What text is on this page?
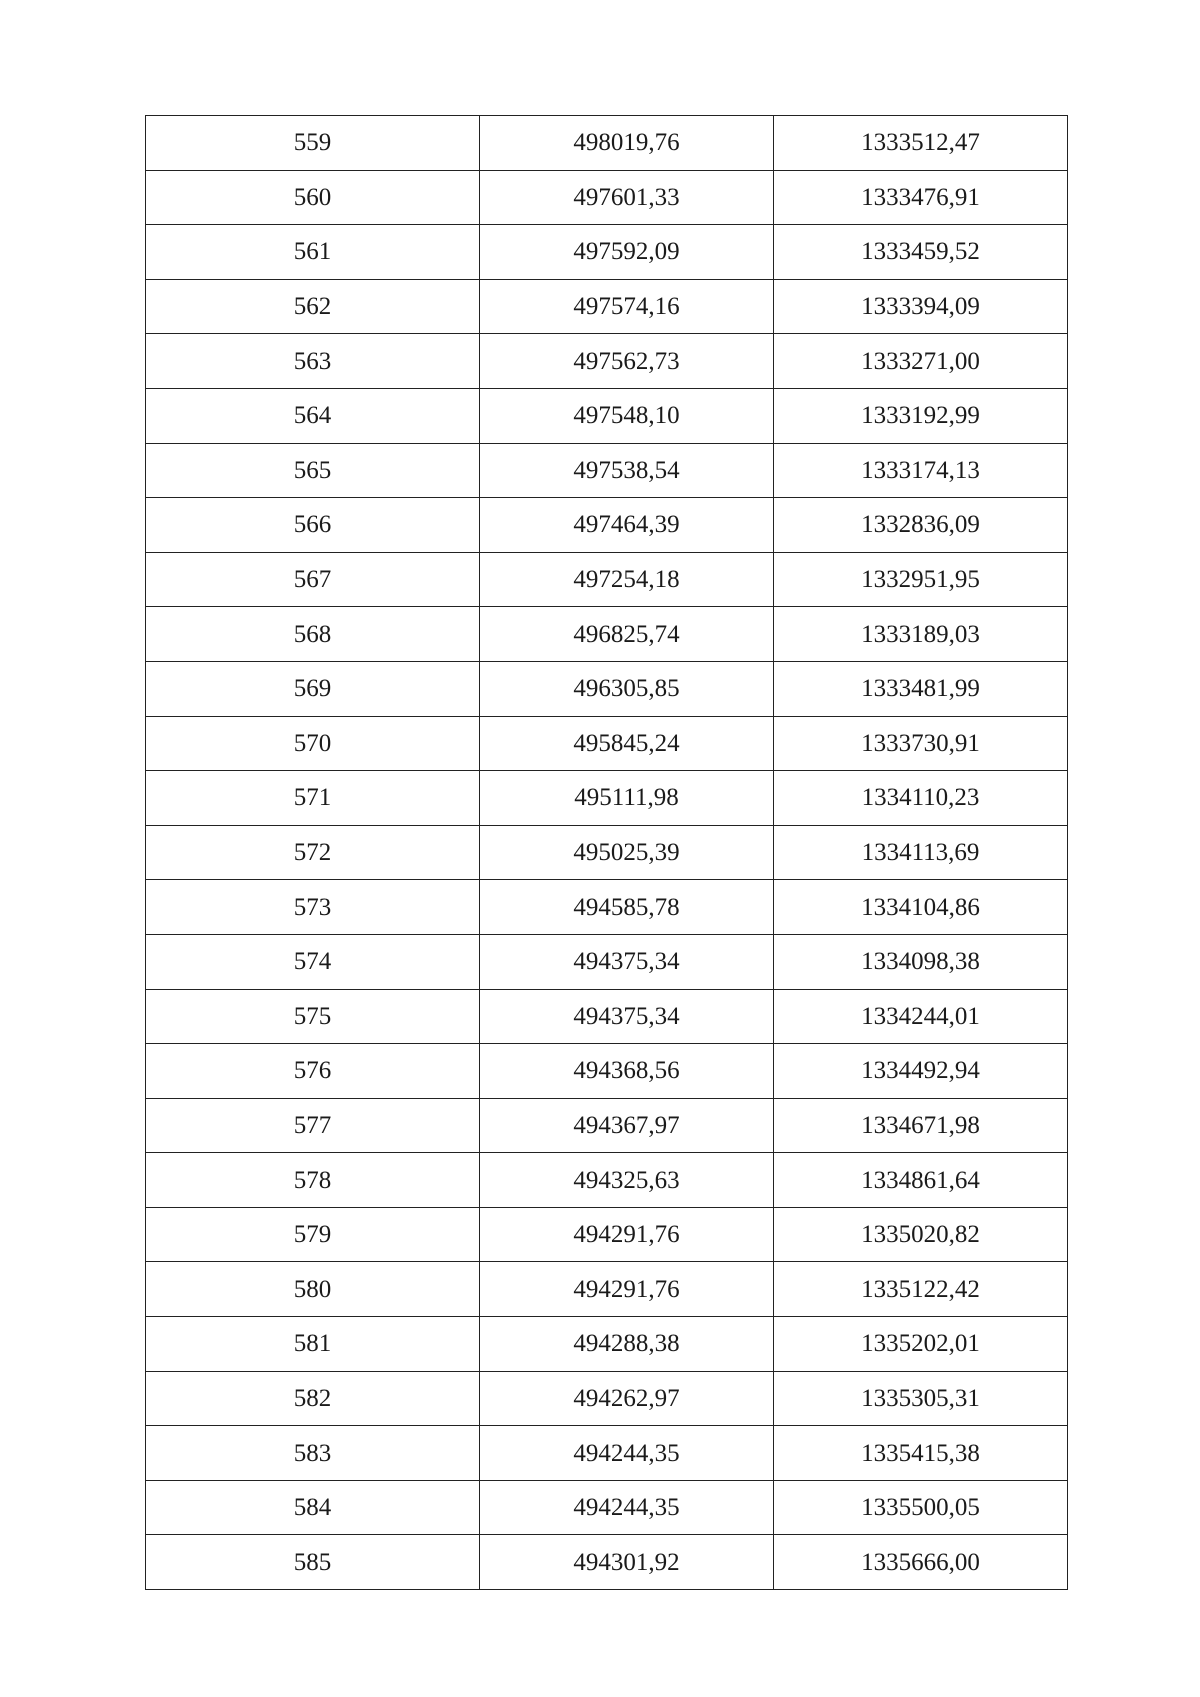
559	498019,76	1333512,47
560	497601,33	1333476,91
561	497592,09	1333459,52
562	497574,16	1333394,09
563	497562,73	1333271,00
564	497548,10	1333192,99
565	497538,54	1333174,13
566	497464,39	1332836,09
567	497254,18	1332951,95
568	496825,74	1333189,03
569	496305,85	1333481,99
570	495845,24	1333730,91
571	495111,98	1334110,23
572	495025,39	1334113,69
573	494585,78	1334104,86
574	494375,34	1334098,38
575	494375,34	1334244,01
576	494368,56	1334492,94
577	494367,97	1334671,98
578	494325,63	1334861,64
579	494291,76	1335020,82
580	494291,76	1335122,42
581	494288,38	1335202,01
582	494262,97	1335305,31
583	494244,35	1335415,38
584	494244,35	1335500,05
585	494301,92	1335666,00
